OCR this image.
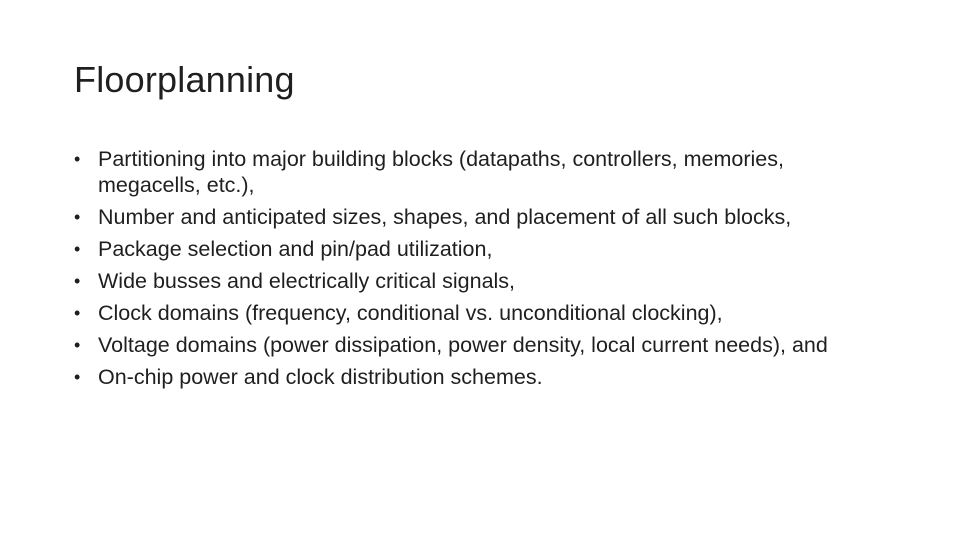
Floorplanning
• Partitioning into major building blocks (datapaths, controllers, memories, megacells, etc.),
• Number and anticipated sizes, shapes, and placement of all such blocks,
• Package selection and pin/pad utilization,
• Wide busses and electrically critical signals,
• Clock domains (frequency, conditional vs. unconditional clocking),
• Voltage domains (power dissipation, power density, local current needs), and
• On-chip power and clock distribution schemes.
